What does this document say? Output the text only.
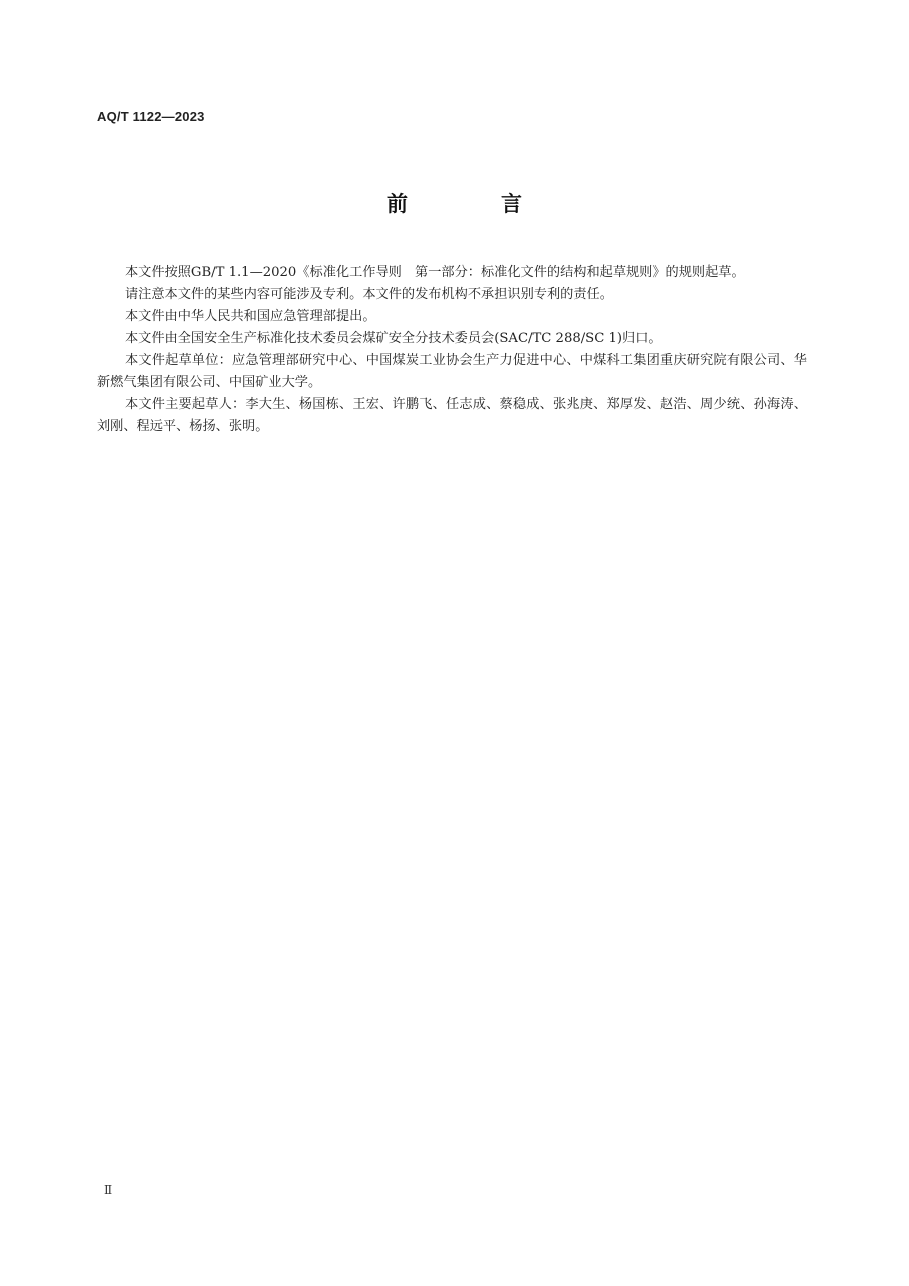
AQ/T 1122—2023
前　言

本文件按照GB/T 1.1—2020《标准化工作导则　第一部分：标准化文件的结构和起草规则》的规则起草。

请注意本文件的某些内容可能涉及专利。本文件的发布机构不承担识别专利的责任。

本文件由中华人民共和国应急管理部提出。

本文件由全国安全生产标准化技术委员会煤矿安全分技术委员会(SAC/TC 288/SC 1)归口。

本文件起草单位：应急管理部研究中心、中国煤炭工业协会生产力促进中心、中煤科工集团重庆研究院有限公司、华新燃气集团有限公司、中国矿业大学。

本文件主要起草人：李大生、杨国栋、王宏、许鹏飞、任志成、蔡稳成、张兆庚、郑厚发、赵浩、周少统、孙海涛、刘刚、程远平、杨扬、张明。

Ⅱ
